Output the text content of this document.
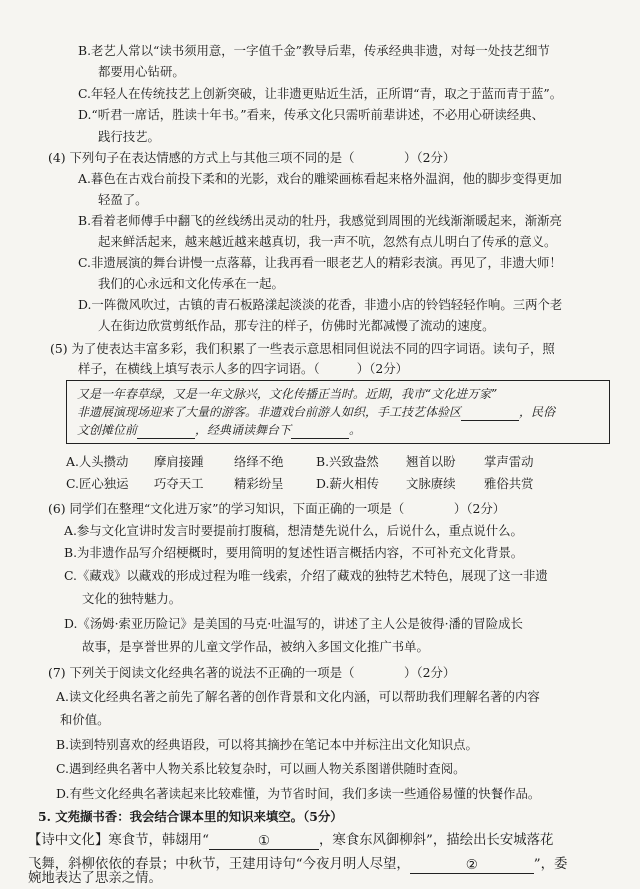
B.老艺人常以“读书须用意，一字值千金”教导后辈，传承经典非遗，对每一处技艺细节
都要用心钻研。
C.年轻人在传统技艺上创新突破，让非遗更贴近生活，正所谓“青，取之于蓝而青于蓝”。
D.“听君一席话，胜读十年书。”看来，传承文化只需听前辈讲述，不必用心研读经典、
践行技艺。
(4) 下列句子在表达情感的方式上与其他三项不同的是（　　　　）（2分）
A.暮色在古戏台前投下柔和的光影，戏台的雕梁画栋看起来格外温润，他的脚步变得更加
轻盈了。
B.看着老师傅手中翻飞的丝线绣出灵动的牡丹，我感觉到周围的光线渐渐暖起来，渐渐亮
起来鲜活起来，越来越近越来越真切，我一声不吭，忽然有点儿明白了传承的意义。
C.非遗展演的舞台讲慢一点落幕，让我再看一眼老艺人的精彩表演。再见了，非遗大师！
我们的心永远和文化传承在一起。
D.一阵微风吹过，古镇的青石板路漾起淡淡的花香，非遗小店的铃铛轻轻作响。三两个老
人在街边欣赏剪纸作品，那专注的样子，仿佛时光都减慢了流动的速度。
(5) 为了使表达丰富多彩，我们积累了一些表示意思相同但说法不同的四字词语。读句子，照
又是一年春草绿，又是一年文脉兴，文化传播正当时。近期，我市“文化进万家”
非遗展演现场迎来了大量的游客。非遗戏台前游人如织，手工技艺体验区	，民俗
文创摊位前	，经典诵读舞台下	。
样子，在横线上填写表示人多的四字词语。（　　　）（2分）
A.人头攒动 摩肩接踵 络绎不绝	B.兴致盎然 翘首以盼 掌声雷动
C.匠心独运 巧夺天工 精彩纷呈	D.薪火相传 文脉赓续 雅俗共赏
(6) 同学们在整理“文化进万家”的学习知识，下面正确的一项是（　　　　）（2分）
A.参与文化宣讲时发言时要提前打腹稿，想清楚先说什么，后说什么，重点说什么。
B.为非遗作品写介绍梗概时，要用简明的复述性语言概括内容，不可补充文化背景。
C.《藏戏》以藏戏的形成过程为唯一线索，介绍了藏戏的独特艺术特色，展现了这一非遗
文化的独特魅力。
D.《汤姆·索亚历险记》是美国的马克·吐温写的，讲述了主人公是彼得·潘的冒险成长
故事，是享誉世界的儿童文学作品，被纳入多国文化推广书单。
(7) 下列关于阅读文化经典名著的说法不正确的一项是（　　　　）（2分）
A.读文化经典名著之前先了解名著的创作背景和文化内涵，可以帮助我们理解名著的内容
和价值。
B.读到特别喜欢的经典语段，可以将其摘抄在笔记本中并标注出文化知识点。
C.遇到经典名著中人物关系比较复杂时，可以画人物关系图谱供随时查阅。
D.有些文化经典名著读起来比较难懂，为节省时间，我们多读一些通俗易懂的快餐作品。
5. 文苑撷书香：我会结合课本里的知识来填空。（5分）
【诗中文化】寒食节，韩翃用“	①	，寒食东风御柳斜”，描绘出长安城落花
飞舞，斜柳依依的春景；中秋节，王建用诗句“今夜月明人尽望，	②	”，委
婉地表达了思亲之情。
